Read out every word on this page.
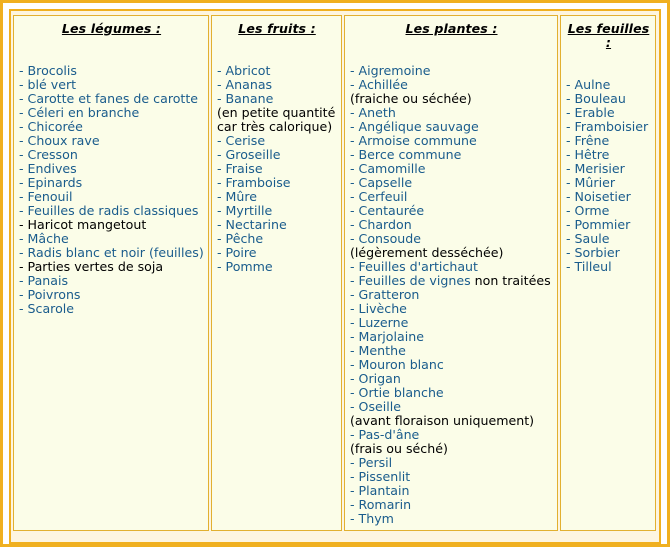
Les légumes :
- Brocolis
- blé vert
- Carotte et fanes de carotte
- Céleri en branche
- Chicorée
- Choux rave
- Cresson
- Endives
- Epinards
- Fenouil
- Feuilles de radis classiques
- Haricot mangetout
- Mâche
- Radis blanc et noir (feuilles)
- Parties vertes de soja
- Panais
- Poivrons
- Scarole
Les fruits :
- Abricot
- Ananas
- Banane
(en petite quantité car très calorique)
- Cerise
- Groseille
- Fraise
- Framboise
- Mûre
- Myrtille
- Nectarine
- Pêche
- Poire
- Pomme
Les plantes :
- Aigremoine
- Achillée
(fraiche ou séchée)
- Aneth
- Angélique sauvage
- Armoise commune
- Berce commune
- Camomille
- Capselle
- Cerfeuil
- Centaurée
- Chardon
- Consoude
(légèrement desséchée)
- Feuilles d'artichaut
- Feuilles de vignes non traitées
- Gratteron
- Livèche
- Luzerne
- Marjolaine
- Menthe
- Mouron blanc
- Origan
- Ortie blanche
- Oseille
(avant floraison uniquement)
- Pas-d'âne
(frais ou séché)
- Persil
- Pissenlit
- Plantain
- Romarin
- Thym
Les feuilles :
- Aulne
- Bouleau
- Erable
- Framboisier
- Frêne
- Hêtre
- Merisier
- Mûrier
- Noisetier
- Orme
- Pommier
- Saule
- Sorbier
- Tilleul
